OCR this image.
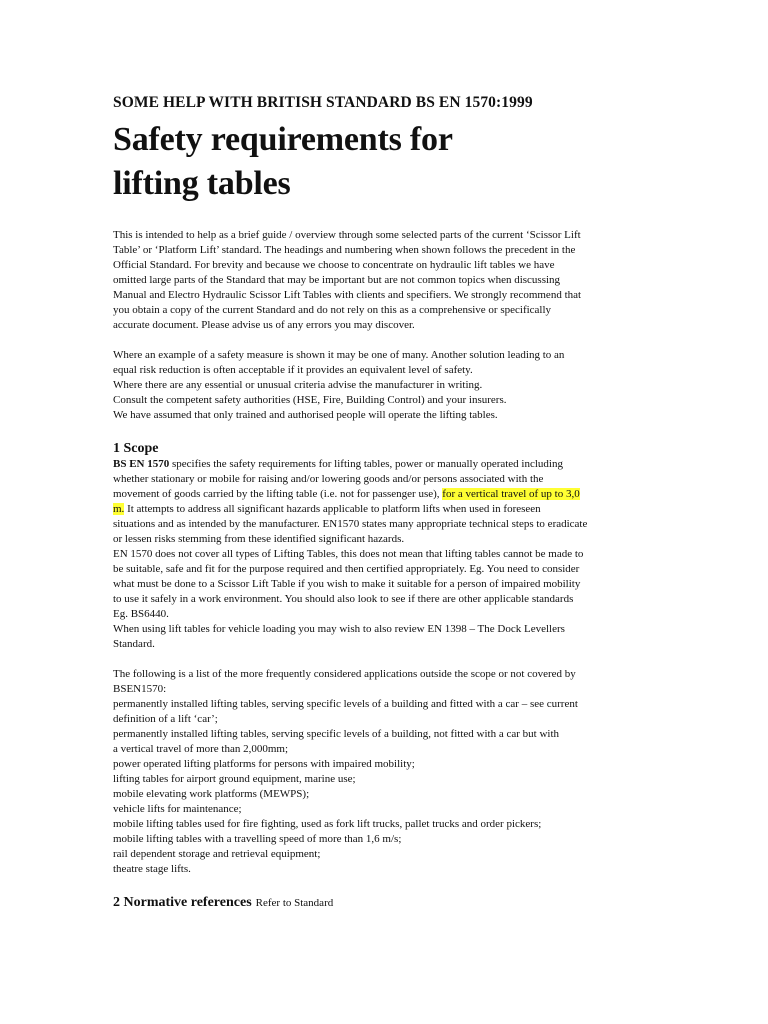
SOME HELP WITH BRITISH STANDARD BS EN 1570:1999

Safety requirements for
lifting tables

This is intended to help as a brief guide / overview through some selected parts of the current ‘Scissor Lift
Table’ or ‘Platform Lift’ standard. The headings and numbering when shown follows the precedent in the
Official Standard. For brevity and because we choose to concentrate on hydraulic lift tables we have
omitted large parts of the Standard that may be important but are not common topics when discussing
Manual and Electro Hydraulic Scissor Lift Tables with clients and specifiers. We strongly recommend that
you obtain a copy of the current Standard and do not rely on this as a comprehensive or specifically
accurate document. Please advise us of any errors you may discover.

Where an example of a safety measure is shown it may be one of many. Another solution leading to an
equal risk reduction is often acceptable if it provides an equivalent level of safety.
Where there are any essential or unusual criteria advise the manufacturer in writing.
Consult the competent safety authorities (HSE, Fire, Building Control) and your insurers.
We have assumed that only trained and authorised people will operate the lifting tables.

1 Scope

BS EN 1570 specifies the safety requirements for lifting tables, power or manually operated including
whether stationary or mobile for raising and/or lowering goods and/or persons associated with the
movement of goods carried by the lifting table (i.e. not for passenger use), for a vertical travel of up to 3,0
m. It attempts to address all significant hazards applicable to platform lifts when used in foreseen
situations and as intended by the manufacturer. EN1570 states many appropriate technical steps to eradicate
or lessen risks stemming from these identified significant hazards.
EN 1570 does not cover all types of Lifting Tables, this does not mean that lifting tables cannot be made to
be suitable, safe and fit for the purpose required and then certified appropriately. Eg. You need to consider
what must be done to a Scissor Lift Table if you wish to make it suitable for a person of impaired mobility
to use it safely in a work environment. You should also look to see if there are other applicable standards
Eg. BS6440.
When using lift tables for vehicle loading you may wish to also review EN 1398 – The Dock Levellers
Standard.

The following is a list of the more frequently considered applications outside the scope or not covered by
BSEN1570:
permanently installed lifting tables, serving specific levels of a building and fitted with a car – see current
definition of a lift ‘car’;
permanently installed lifting tables, serving specific levels of a building, not fitted with a car but with
a vertical travel of more than 2,000mm;
power operated lifting platforms for persons with impaired mobility;
lifting tables for airport ground equipment, marine use;
mobile elevating work platforms (MEWPS);
vehicle lifts for maintenance;
mobile lifting tables used for fire fighting, used as fork lift trucks, pallet trucks and order pickers;
mobile lifting tables with a travelling speed of more than 1,6 m/s;
rail dependent storage and retrieval equipment;
theatre stage lifts.

2 Normative references Refer to Standard
